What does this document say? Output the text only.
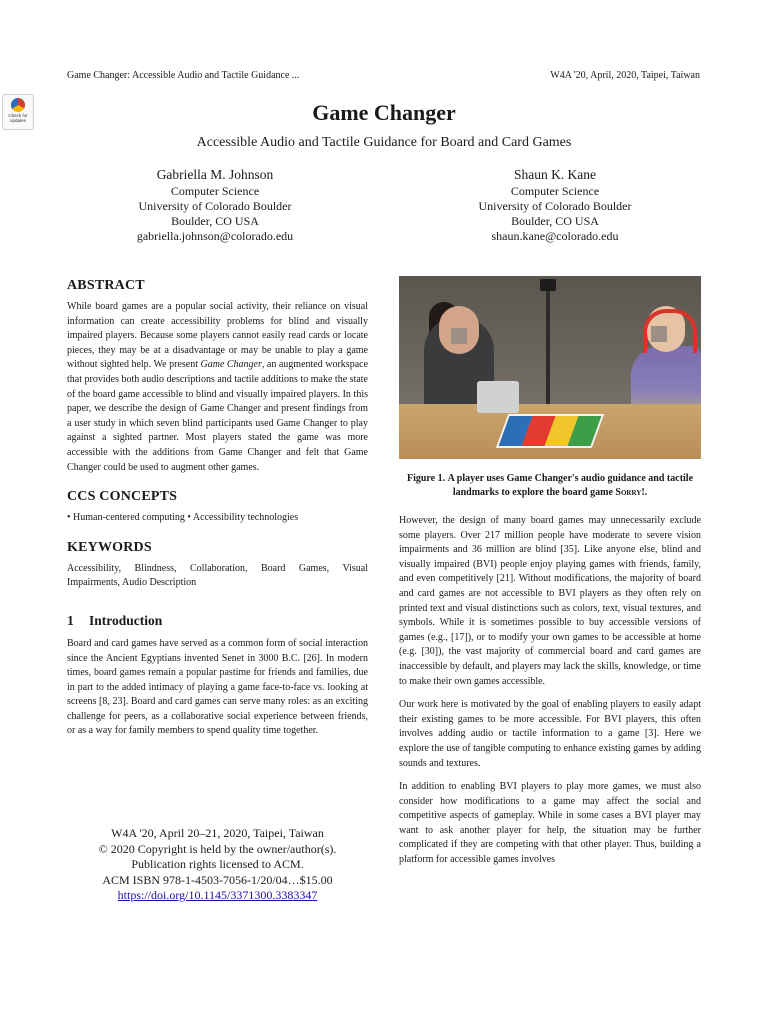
Game Changer: Accessible Audio and Tactile Guidance ...	W4A '20, April, 2020, Taipei, Taiwan
Check for updates	Game Changer
Accessible Audio and Tactile Guidance for Board and Card Games
Gabriella M. Johnson
Computer Science
University of Colorado Boulder
Boulder, CO USA
gabriella.johnson@colorado.edu
Shaun K. Kane
Computer Science
University of Colorado Boulder
Boulder, CO USA
shaun.kane@colorado.edu
ABSTRACT

While board games are a popular social activity, their reliance on visual information can create accessibility problems for blind and visually impaired players. Because some players cannot easily read cards or locate pieces, they may be at a disadvantage or may be unable to play a game without sighted help. We present Game Changer, an augmented workspace that provides both audio descriptions and tactile additions to make the state of the board game accessible to blind and visually impaired players. In this paper, we describe the design of Game Changer and present findings from a user study in which seven blind participants used Game Changer to play against a sighted partner. Most players stated the game was more accessible with the additions from Game Changer and felt that Game Changer could be used to augment other games.

CCS CONCEPTS

• Human-centered computing • Accessibility technologies

KEYWORDS

Accessibility, Blindness, Collaboration, Board Games, Visual Impairments, Audio Description

1 Introduction

Board and card games have served as a common form of social interaction since the Ancient Egyptians invented Senet in 3000 B.C. [26]. In modern times, board games remain a popular pastime for friends and families, due in part to the added intimacy of playing a game face-to-face vs. looking at screens [8, 23]. Board and card games can serve many roles: as an exciting challenge for peers, as a collaborative social experience between friends, or as a way for family members to spend quality time together.

W4A '20, April 20–21, 2020, Taipei, Taiwan
© 2020 Copyright is held by the owner/author(s).
Publication rights licensed to ACM.
ACM ISBN 978-1-4503-7056-1/20/04…$15.00
https://doi.org/10.1145/3371300.3383347
Figure 1. A player uses Game Changer's audio guidance and tactile landmarks to explore the board game Sorry!.

However, the design of many board games may unnecessarily exclude some players. Over 217 million people have moderate to severe vision impairments and 36 million are blind [35]. Like anyone else, blind and visually impaired (BVI) people enjoy playing games with friends, family, and even competitively [21]. Without modifications, the majority of board and card games are not accessible to BVI players as they often rely on printed text and visual distinctions such as colors, text, visual textures, and symbols. While it is sometimes possible to buy accessible versions of games (e.g., [17]), or to modify your own games to be accessible at home (e.g. [30]), the vast majority of commercial board and card games are inaccessible by default, and players may lack the skills, knowledge, or time to make their own games accessible.

Our work here is motivated by the goal of enabling players to easily adapt their existing games to be more accessible. For BVI players, this often involves adding audio or tactile information to a game [3]. Here we explore the use of tangible computing to enhance existing games by adding sounds and textures.

In addition to enabling BVI players to play more games, we must also consider how modifications to a game may affect the social and competitive aspects of gameplay. While in some cases a BVI player may want to ask another player for help, the situation may be further complicated if they are competing with that other player. Thus, building a platform for accessible games involves
